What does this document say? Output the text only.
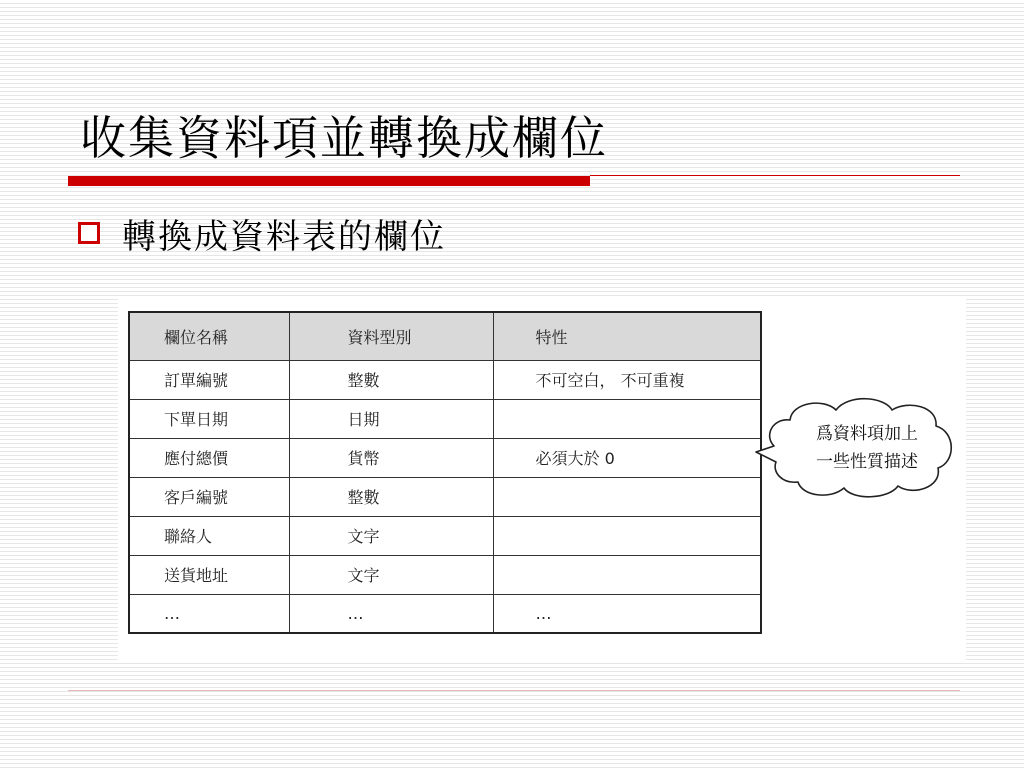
收集資料項並轉換成欄位
轉換成資料表的欄位
欄位名稱	資料型別	特性
訂單編號	整數	不可空白， 不可重複
下單日期	日期	
應付總價	貨幣	必須大於 0
客戶編號	整數	
聯絡人	文字	
送貨地址	文字	
…	…	…
爲資料項加上
一些性質描述
